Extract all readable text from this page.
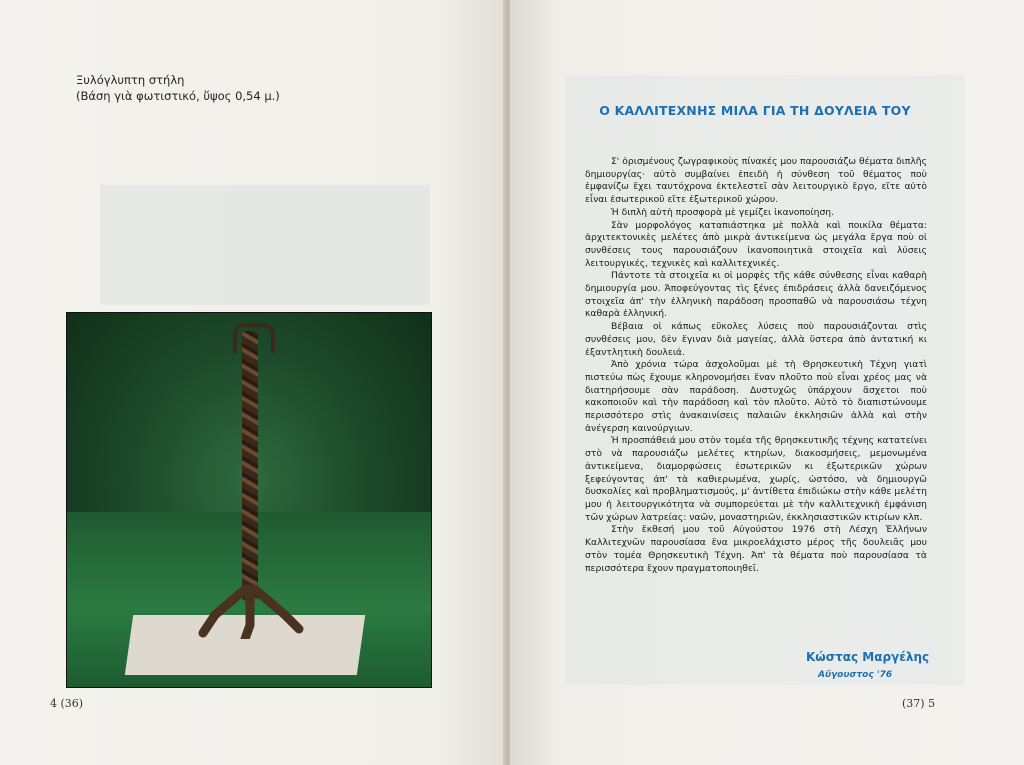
Ξυλόγλυπτη στήλη
(Βάση γιὰ φωτιστικό, ὕψος 0,54 μ.)
4 (36)
Ο ΚΑΛΛΙΤΕΧΝΗΣ ΜΙΛΑ ΓΙΑ ΤΗ ΔΟΥΛΕΙΑ ΤΟΥ

Σ' ὁρισμένους ζωγραφικοὺς πίνακές μου παρουσιάζω θέματα διπλῆς δημιουργίας· αὐτὸ συμβαίνει ἐπειδὴ ἡ σύνθεση τοῦ θέματος ποὺ ἐμφανίζω ἔχει ταυτόχρονα ἐκτελεστεῖ σὰν λειτουργικὸ ἔργο, εἴτε αὐτὸ εἶναι ἐσωτερικοῦ εἴτε ἐξωτερικοῦ χώρου.

Ἡ διπλὴ αὐτὴ προσφορὰ μὲ γεμίζει ἱκανοποίηση.

Σὰν μορφολόγος καταπιάστηκα μὲ πολλὰ καὶ ποικίλα θέματα: ἀρχιτεκτονικὲς μελέτες ἀπὸ μικρὰ ἀντικείμενα ὡς μεγάλα ἔργα ποὺ οἱ συνθέσεις τους παρουσιάζουν ἱκανοποιητικὰ στοιχεῖα καὶ λύσεις λειτουργικές, τεχνικὲς καὶ καλλιτεχνικές.

Πάντοτε τὰ στοιχεῖα κι οἱ μορφὲς τῆς κάθε σύνθεσης εἶναι καθαρὴ δημιουργία μου. Ἀποφεύγοντας τὶς ξένες ἐπιδράσεις ἀλλὰ δανειζόμενος στοιχεῖα ἀπ' τὴν ἑλληνικὴ παράδοση προσπαθῶ νὰ παρουσιάσω τέχνη καθαρὰ ἑλληνική.

Βέβαια οἱ κάπως εὔκολες λύσεις ποὺ παρουσιάζονται στὶς συνθέσεις μου, δὲν ἔγιναν διὰ μαγείας, ἀλλὰ ὕστερα ἀπὸ ἀντατική κι ἐξαντλητικὴ δουλειά.

Ἀπὸ χρόνια τώρα ἀσχολοῦμαι μὲ τὴ Θρησκευτικὴ Τέχνη γιατὶ πιστεύω πὼς ἔχουμε κληρονομήσει ἕναν πλοῦτο ποὺ εἶναι χρέος μας νὰ διατηρήσουμε σὰν παράδοση. Δυστυχῶς ὑπάρχουν ἄσχετοι ποὺ κακοποιοῦν καὶ τὴν παράδοση καὶ τὸν πλοῦτο. Αὐτὸ τὸ διαπιστώνουμε περισσότερο στὶς ἀνακαινίσεις παλαιῶν ἐκκλησιῶν ἀλλὰ καὶ στὴν ἀνέγερση καινούργιων.

Ἡ προσπάθειά μου στὸν τομέα τῆς θρησκευτικῆς τέχνης κατατείνει στὸ νὰ παρουσιάζω μελέτες κτηρίων, διακοσμήσεις, μεμονωμένα ἀντικείμενα, διαμορφώσεις ἐσωτερικῶν κι ἐξωτερικῶν χώρων ξεφεύγοντας ἀπ' τὰ καθιερωμένα, χωρίς, ὡστόσο, νὰ δημιουργῶ δυσκολίες καὶ προβληματισμούς, μ' ἀντίθετα ἐπιδιώκω στὴν κάθε μελέτη μου ἡ λειτουργικότητα νὰ συμπορεύεται μὲ τὴν καλλιτεχνικὴ ἐμφάνιση τῶν χώρων λατρείας: ναῶν, μοναστηριῶν, ἐκκλησιαστικῶν κτιρίων κλπ.

Στὴν ἔκθεσή μου τοῦ Αὐγούστου 1976 στὴ Λέσχη Ἑλλήνων Καλλιτεχνῶν παρουσίασα ἕνα μικροελάχιστο μέρος τῆς δουλειᾶς μου στὸν τομέα Θρησκευτικὴ Τέχνη. Ἀπ' τὰ θέματα ποὺ παρουσίασα τὰ περισσότερα ἔχουν πραγματοποιηθεῖ.

Κώστας Μαργέλης
Αὔγουστος '76
(37) 5
